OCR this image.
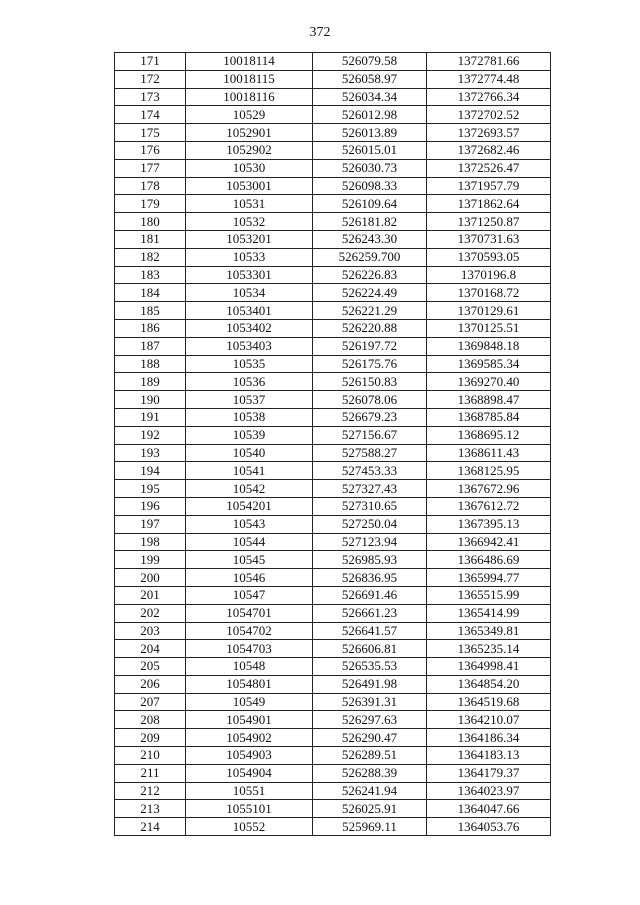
372
171	10018114	526079.58	1372781.66
172	10018115	526058.97	1372774.48
173	10018116	526034.34	1372766.34
174	10529	526012.98	1372702.52
175	1052901	526013.89	1372693.57
176	1052902	526015.01	1372682.46
177	10530	526030.73	1372526.47
178	1053001	526098.33	1371957.79
179	10531	526109.64	1371862.64
180	10532	526181.82	1371250.87
181	1053201	526243.30	1370731.63
182	10533	526259.700	1370593.05
183	1053301	526226.83	1370196.8
184	10534	526224.49	1370168.72
185	1053401	526221.29	1370129.61
186	1053402	526220.88	1370125.51
187	1053403	526197.72	1369848.18
188	10535	526175.76	1369585.34
189	10536	526150.83	1369270.40
190	10537	526078.06	1368898.47
191	10538	526679.23	1368785.84
192	10539	527156.67	1368695.12
193	10540	527588.27	1368611.43
194	10541	527453.33	1368125.95
195	10542	527327.43	1367672.96
196	1054201	527310.65	1367612.72
197	10543	527250.04	1367395.13
198	10544	527123.94	1366942.41
199	10545	526985.93	1366486.69
200	10546	526836.95	1365994.77
201	10547	526691.46	1365515.99
202	1054701	526661.23	1365414.99
203	1054702	526641.57	1365349.81
204	1054703	526606.81	1365235.14
205	10548	526535.53	1364998.41
206	1054801	526491.98	1364854.20
207	10549	526391.31	1364519.68
208	1054901	526297.63	1364210.07
209	1054902	526290.47	1364186.34
210	1054903	526289.51	1364183.13
211	1054904	526288.39	1364179.37
212	10551	526241.94	1364023.97
213	1055101	526025.91	1364047.66
214	10552	525969.11	1364053.76
